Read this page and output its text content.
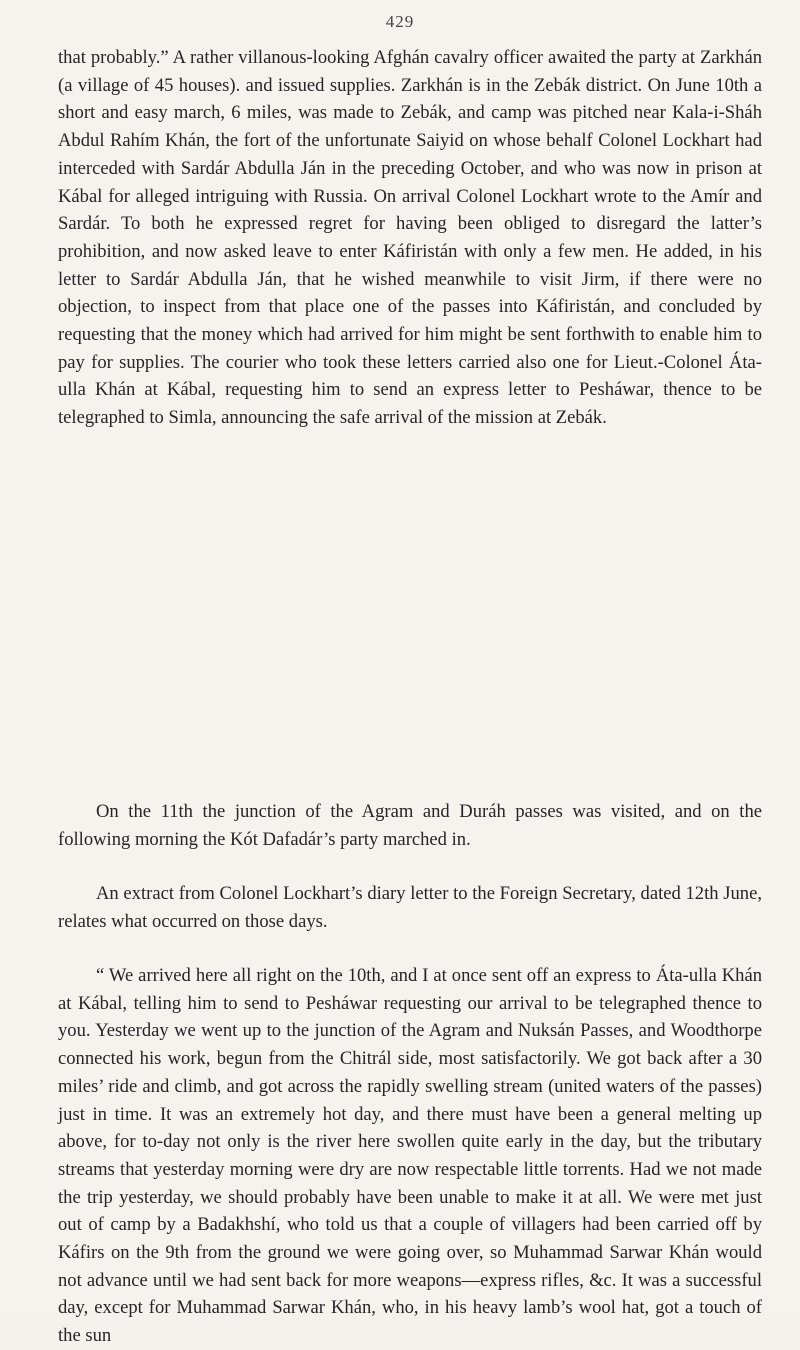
429

that probably.” A rather villanous-looking Afghán cavalry officer awaited the party at Zarkhán (a village of 45 houses). and issued supplies. Zarkhán is in the Zebák district. On June 10th a short and easy march, 6 miles, was made to Zebák, and camp was pitched near Kala-i-Sháh Abdul Rahím Khán, the fort of the unfortunate Saiyid on whose behalf Colonel Lockhart had interceded with Sardár Abdulla Ján in the preceding October, and who was now in prison at Kábal for alleged intriguing with Russia. On arrival Colonel Lockhart wrote to the Amír and Sardár. To both he expressed regret for having been obliged to disregard the latter’s prohibition, and now asked leave to enter Káfiristán with only a few men. He added, in his letter to Sardár Abdulla Ján, that he wished meanwhile to visit Jirm, if there were no objection, to inspect from that place one of the passes into Káfiristán, and concluded by requesting that the money which had arrived for him might be sent forthwith to enable him to pay for supplies. The courier who took these letters carried also one for Lieut.-Colonel Áta-ulla Khán at Kábal, requesting him to send an express letter to Pesháwar, thence to be telegraphed to Simla, announcing the safe arrival of the mission at Zebák.

On the 11th the junction of the Agram and Duráh passes was visited, and on the following morning the Kót Dafadár’s party marched in.

An extract from Colonel Lockhart’s diary letter to the Foreign Secretary, dated 12th June, relates what occurred on those days.

“ We arrived here all right on the 10th, and I at once sent off an express to Áta-ulla Khán at Kábal, telling him to send to Pesháwar requesting our arrival to be telegraphed thence to you. Yesterday we went up to the junction of the Agram and Nuksán Passes, and Woodthorpe connected his work, begun from the Chitrál side, most satisfactorily. We got back after a 30 miles’ ride and climb, and got across the rapidly swelling stream (united waters of the passes) just in time. It was an extremely hot day, and there must have been a general melting up above, for to-day not only is the river here swollen quite early in the day, but the tributary streams that yesterday morning were dry are now respectable little torrents. Had we not made the trip yesterday, we should probably have been unable to make it at all. We were met just out of camp by a Badakhshí, who told us that a couple of villagers had been carried off by Káfirs on the 9th from the ground we were going over, so Muhammad Sarwar Khán would not advance until we had sent back for more weapons—express rifles, &c. It was a successful day, except for Muhammad Sarwar Khán, who, in his heavy lamb’s wool hat, got a touch of the sun
